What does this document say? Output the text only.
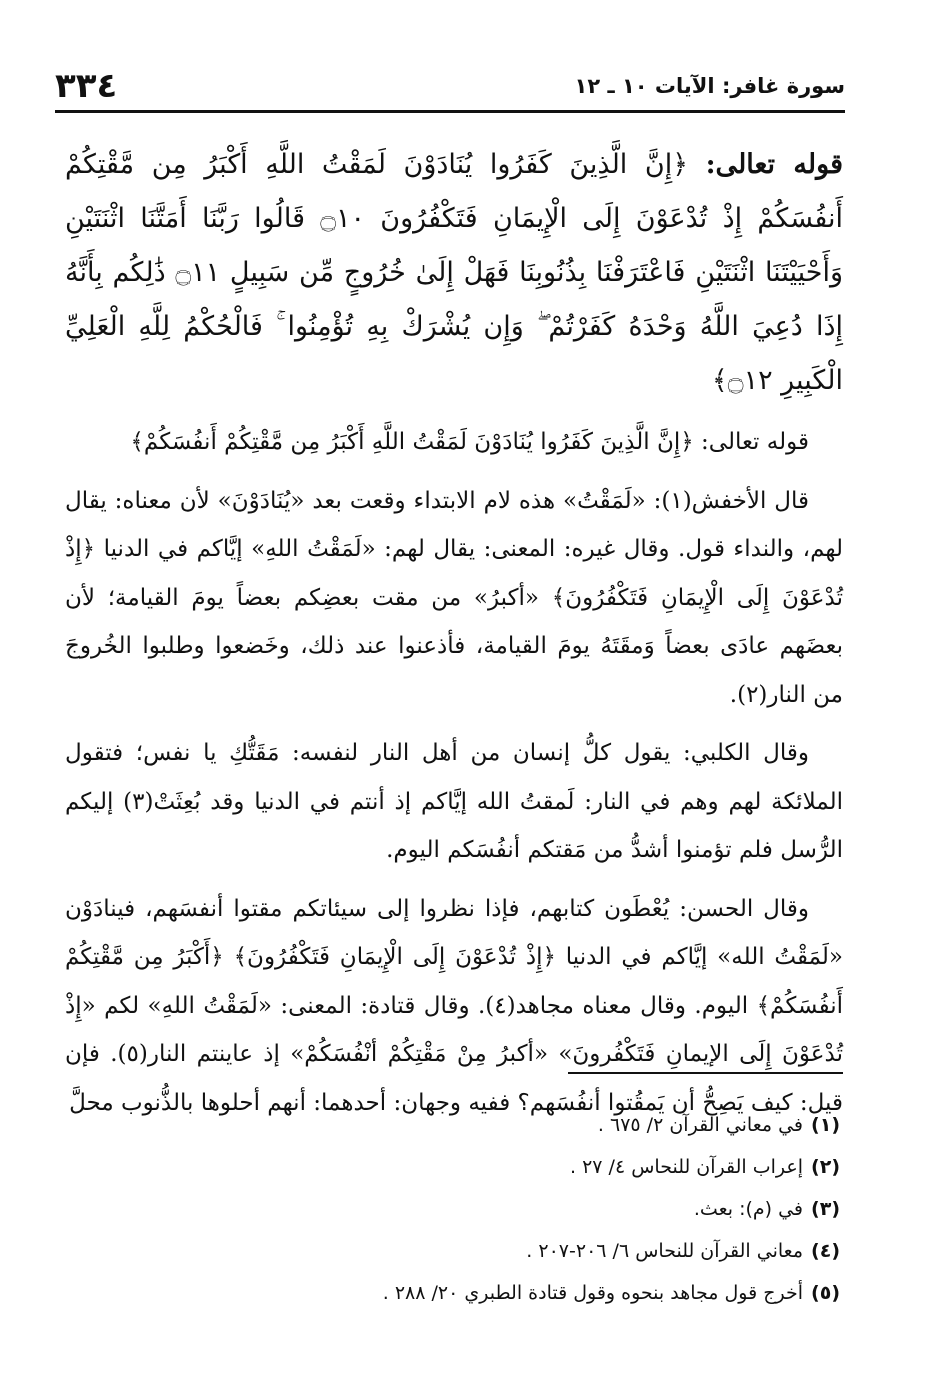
٣٣٤	سورة غافر: الآيات ١٠ ـ ١٢

قوله تعالى: ﴿إِنَّ الَّذِينَ كَفَرُوا يُنَادَوْنَ لَمَقْتُ اللَّهِ أَكْبَرُ مِن مَّقْتِكُمْ أَنفُسَكُمْ إِذْ تُدْعَوْنَ إِلَى الْإِيمَانِ فَتَكْفُرُونَ ۝١٠ قَالُوا رَبَّنَا أَمَتَّنَا اثْنَتَيْنِ وَأَحْيَيْتَنَا اثْنَتَيْنِ فَاعْتَرَفْنَا بِذُنُوبِنَا فَهَلْ إِلَىٰ خُرُوجٍ مِّن سَبِيلٍ ۝١١ ذَٰلِكُم بِأَنَّهُ إِذَا دُعِيَ اللَّهُ وَحْدَهُ كَفَرْتُمْ ۖ وَإِن يُشْرَكْ بِهِ تُؤْمِنُوا ۚ فَالْحُكْمُ لِلَّهِ الْعَلِيِّ الْكَبِيرِ ۝١٢﴾

قوله تعالى: ﴿إِنَّ الَّذِينَ كَفَرُوا يُنَادَوْنَ لَمَقْتُ اللَّهِ أَكْبَرُ مِن مَّقْتِكُمْ أَنفُسَكُمْ﴾

قال الأخفش(١): «لَمَقْتُ» هذه لام الابتداء وقعت بعد «يُنَادَوْنَ» لأن معناه: يقال لهم، والنداء قول. وقال غيره: المعنى: يقال لهم: «لَمَقْتُ اللهِ» إيَّاكم في الدنيا ﴿إِذْ تُدْعَوْنَ إِلَى الْإِيمَانِ فَتَكْفُرُونَ﴾ «أكبرُ» من مقت بعضِكم بعضاً يومَ القيامة؛ لأن بعضَهم عادَى بعضاً وَمقَتَهُ يومَ القيامة، فأذعنوا عند ذلك، وخَضعوا وطلبوا الخُروجَ من النار(٢).

وقال الكلبي: يقول كلُّ إنسان من أهل النار لنفسه: مَقَتُّكِ يا نفس؛ فتقول الملائكة لهم وهم في النار: لَمقتُ الله إيَّاكم إذ أنتم في الدنيا وقد بُعِثَتْ(٣) إليكم الرُّسل فلم تؤمنوا أشدُّ من مَقتكم أنفُسَكم اليوم.

وقال الحسن: يُعْطَون كتابهم، فإذا نظروا إلى سيئاتكم مقتوا أنفسَهم، فينادَوْن «لَمَقْتُ الله» إيَّاكم في الدنيا ﴿إِذْ تُدْعَوْنَ إِلَى الْإِيمَانِ فَتَكْفُرُونَ﴾ ﴿أَكْبَرُ مِن مَّقْتِكُمْ أَنفُسَكُمْ﴾ اليوم. وقال معناه مجاهد(٤). وقال قتادة: المعنى: «لَمَقْتُ اللهِ» لكم «إِذْ تُدْعَوْنَ إِلَى الإيمانِ فَتَكْفُرونَ» «أكبرُ مِنْ مَقْتِكُمْ أنْفُسَكُمْ» إذ عاينتم النار(٥). فإن قيل: كيف يَصِحُّ أن يَمقُتوا أنفُسَهم؟ ففيه وجهان: أحدهما: أنهم أحلوها بالذُّنوب محلَّ

(١)في معاني القرآن ٢/ ٦٧٥ .
(٢)إعراب القرآن للنحاس ٤/ ٢٧ .
(٣)في (م): بعث.
(٤)معاني القرآن للنحاس ٦/ ٢٠٦-٢٠٧ .
(٥)أخرج قول مجاهد بنحوه وقول قتادة الطبري ٢٠/ ٢٨٨ .
